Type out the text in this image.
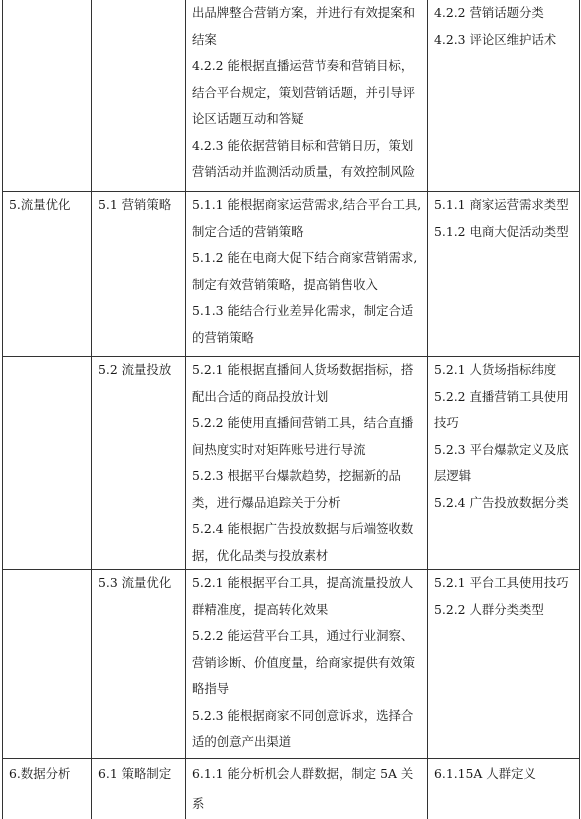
		出品牌整合营销方案，并进行有效提案和结案
4.2.2 能根据直播运营节奏和营销目标，结合平台规定，策划营销话题，并引导评论区话题互动和答疑
4.2.3 能依据营销目标和营销日历，策划营销活动并监测活动质量，有效控制风险	4.2.2 营销话题分类
4.2.3 评论区维护话术

5.流量优化	5.1 营销策略	5.1.1 能根据商家运营需求,结合平台工具,制定合适的营销策略
5.1.2 能在电商大促下结合商家营销需求,制定有效营销策略，提高销售收入
5.1.3 能结合行业差异化需求，制定合适的营销策略	5.1.1 商家运营需求类型
5.1.2 电商大促活动类型

	5.2 流量投放	5.2.1 能根据直播间人货场数据指标，搭配出合适的商品投放计划
5.2.2 能使用直播间营销工具，结合直播间热度实时对矩阵账号进行导流
5.2.3 根据平台爆款趋势，挖掘新的品类，进行爆品追踪关于分析
5.2.4 能根据广告投放数据与后端签收数据，优化品类与投放素材	5.2.1 人货场指标纬度
5.2.2 直播营销工具使用技巧
5.2.3 平台爆款定义及底层逻辑
5.2.4 广告投放数据分类

	5.3 流量优化	5.2.1 能根据平台工具，提高流量投放人群精准度，提高转化效果
5.2.2 能运营平台工具，通过行业洞察、营销诊断、价值度量，给商家提供有效策略指导
5.2.3 能根据商家不同创意诉求，选择合适的创意产出渠道	5.2.1 平台工具使用技巧
5.2.2 人群分类类型

6.数据分析	6.1 策略制定	6.1.1 能分析机会人群数据，制定 5A 关系	6.1.15A 人群定义
